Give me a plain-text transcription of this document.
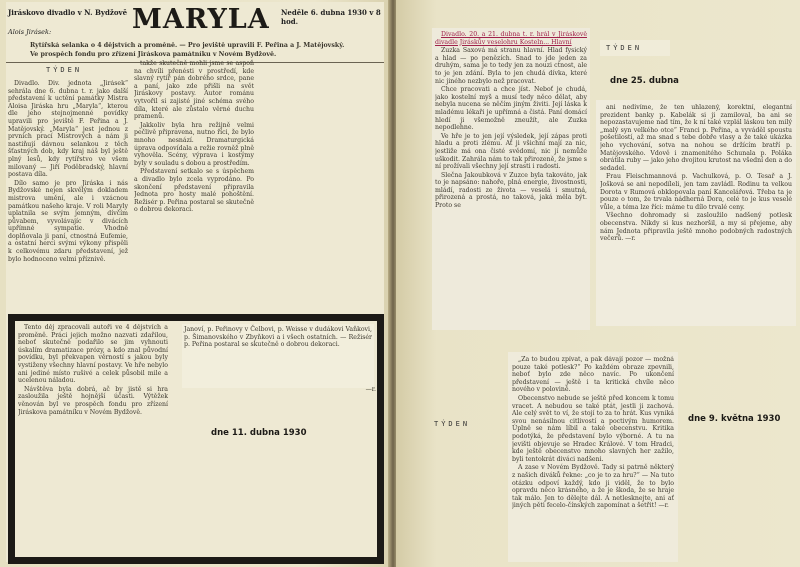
Jiráskovo divadlo v N. Bydžově MARYLA Neděle 6. dubna 1930 v 8 hod.
Alois Jirásek:
Rytířská selanka o 4 dějstvích a proměně. — Pro jeviště upravili F. Peřina a J. Matějovský.
Ve prospěch fondu pro zřízení Jiráskova památníku v Novém Bydžově.
TÝDEN

Divadlo. Div. jednota „Jirásek“ sehrála dne 6. dubna t. r. jako další představení k uctění památky Mistra Aloisa Jiráska hru „Maryla“, kterou dle jeho stejnojmenné povídky upravili pro jeviště F. Peřina a J. Matějovský. „Maryla“ jest jednou z prvních prací Mistrových a nám ji nastiňují dávnou selankou z těch šťastných dob, kdy kraj náš byl ještě plný lesů, kdy rytířstvo ve všem milovaný — Jiří Poděbradský, hlavní postava díla.

Dílo samo je pro Jiráska i nás Bydžovské nejen skvělým dokladem mistrova umění, ale i vzácnou památkou našeho kraje. V roli Maryly uplatnila se svým jemným, dívčím půvabem, vyvolávajíc v divácích upřímné sympatie. Vhodně doplňovala ji paní, ctnostná Eufemie, a ostatní herci svými výkony přispěli k celkovému zdaru představení, jež bylo hodnoceno velmi příznivě.

takže skutečně mohli jsme se aspoň na chvíli přenésti v prostředí, kde slavný rytíř pán dobrého srdce, pane a paní, jako zde přišli na svět Jiráskovy postavy. Autor románu vytvořil si zajisté jiné schéma svého díla, které ale zůstalo věrné duchu pramenů.

Jakkoliv byla hra režijně velmi pečlivě připravena, nutno říci, že bylo mnoho nesnází. Dramaturgická úprava odpovídala a režie rovněž plně vyhověla. Scény, výprava i kostýmy byly v souladu s dobou a prostředím.

Představení setkalo se s úspěchem a divadlo bylo zcela vyprodáno. Po skončení představení připravila Jednota pro hosty malé pohoštění. Režisér p. Peřina postaral se skutečně o dobrou dekoraci.

Tento děj zpracovali autoři ve 4 dějstvích a proměně. Práci jejich možno nazvati zdařilou, neboť skutečně podařilo se jim vyhnouti úskalím dramatizace prózy, a kdo znal původní povídku, byl překvapen věrností s jakou byly vystiženy všechny hlavní postavy. Ve hře nebylo ani jediné místo rušivé a celek působil mile a ucelenou náladou.

Návštěva byla dobrá, ač by jistě si hra zasloužila ještě hojnější účasti. Výtěžek věnován byl ve prospěch fondu pro zřízení Jiráskova památníku v Novém Bydžově.

Janoví, p. Peřinovy v Čelbovi, p. Weisse v dudákovi Vaňkovi, p. Šimanovského v Zbyňkovi a i všech ostatních. — Režisér p. Peřina postaral se skutečně o dobrou dekoraci.
—r.
dne 11. dubna 1930

Divadlo. 20. a 21. dubna t. r. hrál v Jiráskově divadle Jiráskův veselohru Kosteln... Hlavní

Zuzka Saxová má stranu hlavní. Hlad fysický a hlad — po penězích. Snad to jde jeden za druhým, sama je to tedy jen za nouzi ctnost, ale to je jen zdání. Byla to jen chudá dívka, které nic jiného nezbylo než pracovat.

Chce pracovati a chce jíst. Neboť je chudá, jako kostelní myš a musí tedy něco dělat, aby nebyla nucena se něčím jiným živiti. Její láska k mladému lékaři je upřímná a čistá. Paní domácí hledí ji všemožně zneužít, ale Zuzka nepodlehne.

Ve hře je to jen její výsledek, její zápas proti hladu a proti zlému. Ať ji všichni mají za nic, jestliže má ona čisté svědomí, nic jí nemůže uškodit. Zahrála nám to tak přirozeně, že jsme s ní prožívali všechny její strasti i radosti.

Slečna Jakoubková v Zuzce byla takováto, jak to je napsáno: nahoře, plná energie, živostnosti, mládí, radosti ze života — veselá i smutná, přirozená a prostá, no taková, jaká měla být. Proto se

TÝDEN
dne 25. dubna

ani nedivíme, že ten uhlazený, korektní, elegantní prezident banky p. Kabelák si ji zamiloval, ba ani se nepozastavujeme nad tím, že k ní také vzplál láskou ten milý „malý syn velkého otce“ Franci p. Peřina, a vyváděl spoustu pošetilostí, až ma snad s tebe dobře vlasy a že také ukázka jeho vychování, sotva na nohou se držícím bratří p. Matějovského. Vdově i znamenitého Schunala p. Poláka obrátila ruby — jako jeho dvojitou krutost na všední den a do sedadel.

Frau Fleischmannová p. Vachulková, p. O. Tesař a J. Jošková se ani nepodíleli, jen tam zavládl. Rodinu ta velkou Dorota v Rumová obklopovala paní Kancelářová. Třeba ta je pouze o tom, že trvala nádherná Dora, celé to je kus veselé vůle, a téma lze říci: máme tu dílo trvalé ceny.

Všechno dohromady si zasloužilo nadšený potlesk obecenstva. Nikdy si kus nezhoršil, a my si přejeme, aby nám Jednota připravila ještě mnoho podobných radostných večerů. —r.

TÝDEN

„Za to budou zpívat, a pak dávají pozor — možná pouze také potlesk?“ Po každém obraze zpevnili, neboť bylo zde něco navíc. Po ukončení představení — ještě i ta kritická chvíle něco nového v polovině.

Obecenstvo nebude se ještě před koncem k tomu vracet. A nebudou se také ptát, jestli ji zachová. Ale celý svět to ví, že stojí to za to hrát. Kus vyniká svou nenásilnou citlivostí a poctivým humorem. Úplně se nám líbil a také obecenstvu. Kritika podotýká, že představení bylo výborné. A tu na jevišti objevuje se Hradec Králové. V tom Hradci, kde ještě obecenstvo mnoho slavných her zažilo, byli tentokrát diváci nadšeni.

A zase v Novém Bydžově. Tady si patrně některý z našich diváků řekne: „co je to za hru?“ — Na tuto otázku odpoví každý, kdo ji viděl, že to bylo opravdu něco krásného, a že je škoda, že se hraje tak málo. Jen to dělejte dál. A netlesknejte, ani ať jiných pěti fecelo-čínských zapomínat a šetřit! —r.

dne 9. května 1930
